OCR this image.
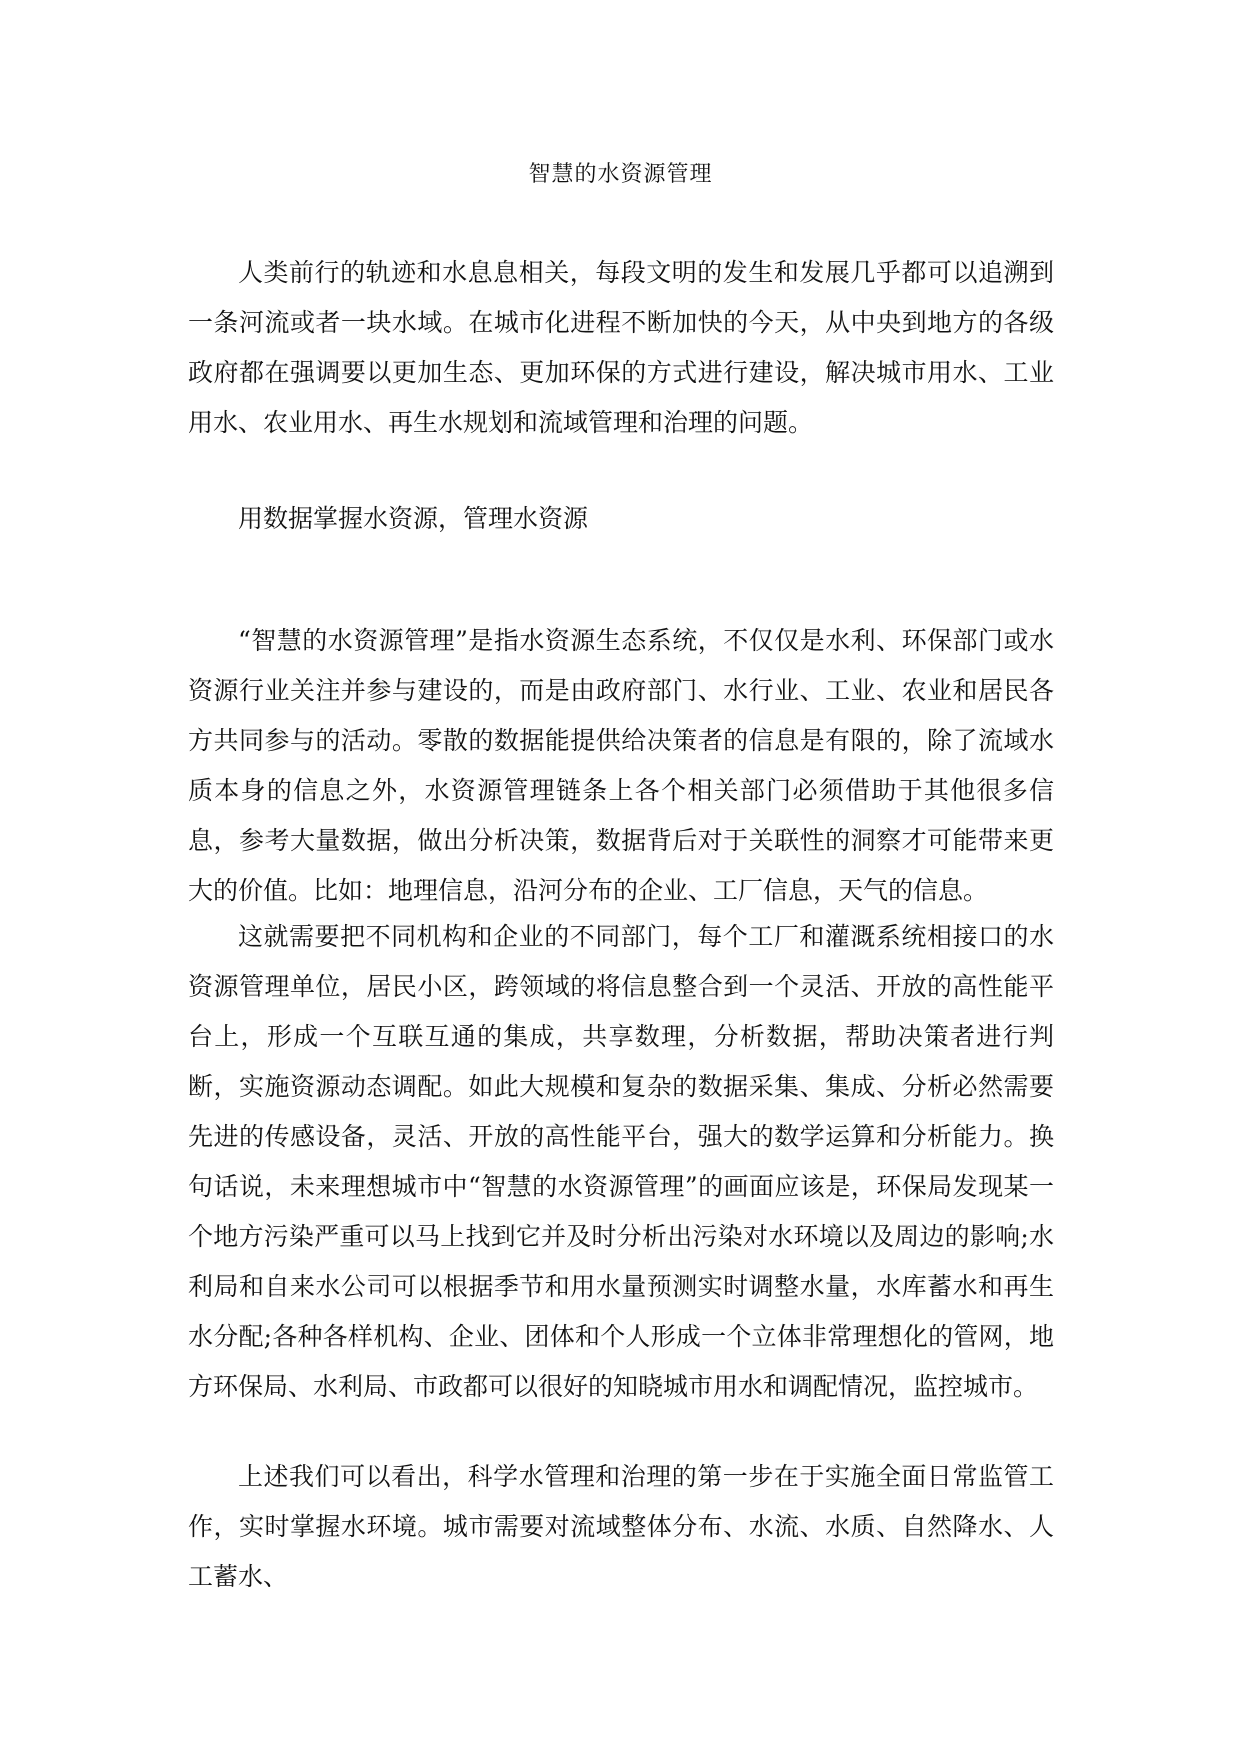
智慧的水资源管理

人类前行的轨迹和水息息相关，每段文明的发生和发展几乎都可以追溯到一条河流或者一块水域。在城市化进程不断加快的今天，从中央到地方的各级政府都在强调要以更加生态、更加环保的方式进行建设，解决城市用水、工业用水、农业用水、再生水规划和流域管理和治理的问题。

用数据掌握水资源，管理水资源

“智慧的水资源管理”是指水资源生态系统，不仅仅是水利、环保部门或水资源行业关注并参与建设的，而是由政府部门、水行业、工业、农业和居民各方共同参与的活动。零散的数据能提供给决策者的信息是有限的，除了流域水质本身的信息之外，水资源管理链条上各个相关部门必须借助于其他很多信息，参考大量数据，做出分析决策，数据背后对于关联性的洞察才可能带来更大的价值。比如：地理信息，沿河分布的企业、工厂信息，天气的信息。

这就需要把不同机构和企业的不同部门，每个工厂和灌溉系统相接口的水资源管理单位，居民小区，跨领域的将信息整合到一个灵活、开放的高性能平台上，形成一个互联互通的集成，共享数理，分析数据，帮助决策者进行判断，实施资源动态调配。如此大规模和复杂的数据采集、集成、分析必然需要先进的传感设备，灵活、开放的高性能平台，强大的数学运算和分析能力。换句话说，未来理想城市中“智慧的水资源管理”的画面应该是，环保局发现某一个地方污染严重可以马上找到它并及时分析出污染对水环境以及周边的影响;水利局和自来水公司可以根据季节和用水量预测实时调整水量，水库蓄水和再生水分配;各种各样机构、企业、团体和个人形成一个立体非常理想化的管网，地方环保局、水利局、市政都可以很好的知晓城市用水和调配情况，监控城市。

上述我们可以看出，科学水管理和治理的第一步在于实施全面日常监管工作，实时掌握水环境。城市需要对流域整体分布、水流、水质、自然降水、人工蓄水、
